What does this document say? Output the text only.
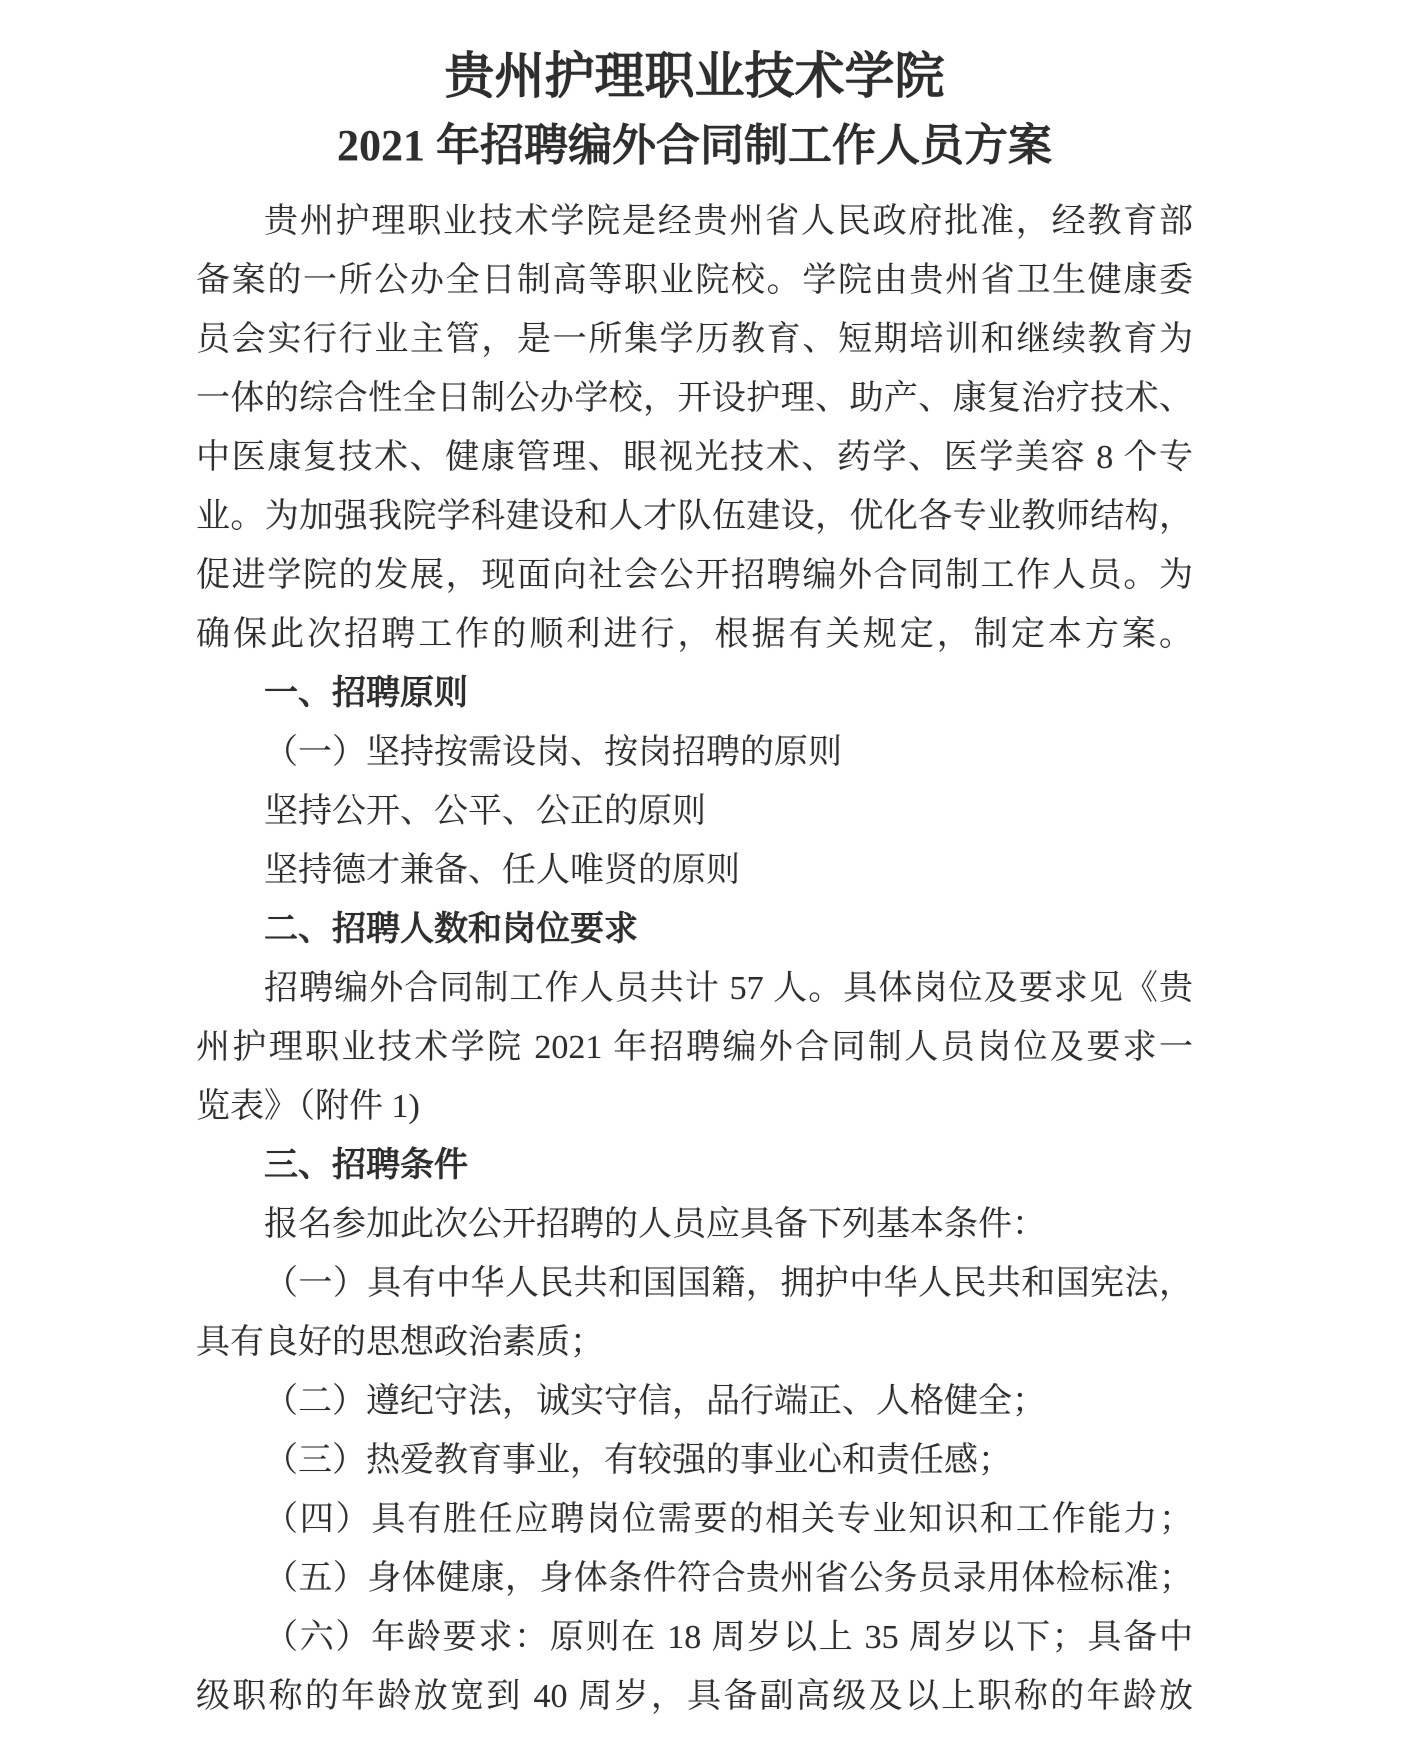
贵州护理职业技术学院
2021 年招聘编外合同制工作人员方案
贵州护理职业技术学院是经贵州省人民政府批准，经教育部
备案的一所公办全日制高等职业院校。学院由贵州省卫生健康委
员会实行行业主管，是一所集学历教育、短期培训和继续教育为
一体的综合性全日制公办学校，开设护理、助产、康复治疗技术、
中医康复技术、健康管理、眼视光技术、药学、医学美容 8 个专
业。为加强我院学科建设和人才队伍建设，优化各专业教师结构，
促进学院的发展，现面向社会公开招聘编外合同制工作人员。为
确保此次招聘工作的顺利进行，根据有关规定，制定本方案。
一、招聘原则
（一）坚持按需设岗、按岗招聘的原则
坚持公开、公平、公正的原则
坚持德才兼备、任人唯贤的原则
二、招聘人数和岗位要求
招聘编外合同制工作人员共计 57 人。具体岗位及要求见《贵
州护理职业技术学院 2021 年招聘编外合同制人员岗位及要求一
览表》（附件 1)
三、招聘条件
报名参加此次公开招聘的人员应具备下列基本条件：
（一）具有中华人民共和国国籍，拥护中华人民共和国宪法，
具有良好的思想政治素质；
（二）遵纪守法，诚实守信，品行端正、人格健全；
（三）热爱教育事业，有较强的事业心和责任感；
（四）具有胜任应聘岗位需要的相关专业知识和工作能力；
（五）身体健康，身体条件符合贵州省公务员录用体检标准；
（六）年龄要求：原则在 18 周岁以上 35 周岁以下；具备中
级职称的年龄放宽到 40 周岁，具备副高级及以上职称的年龄放
